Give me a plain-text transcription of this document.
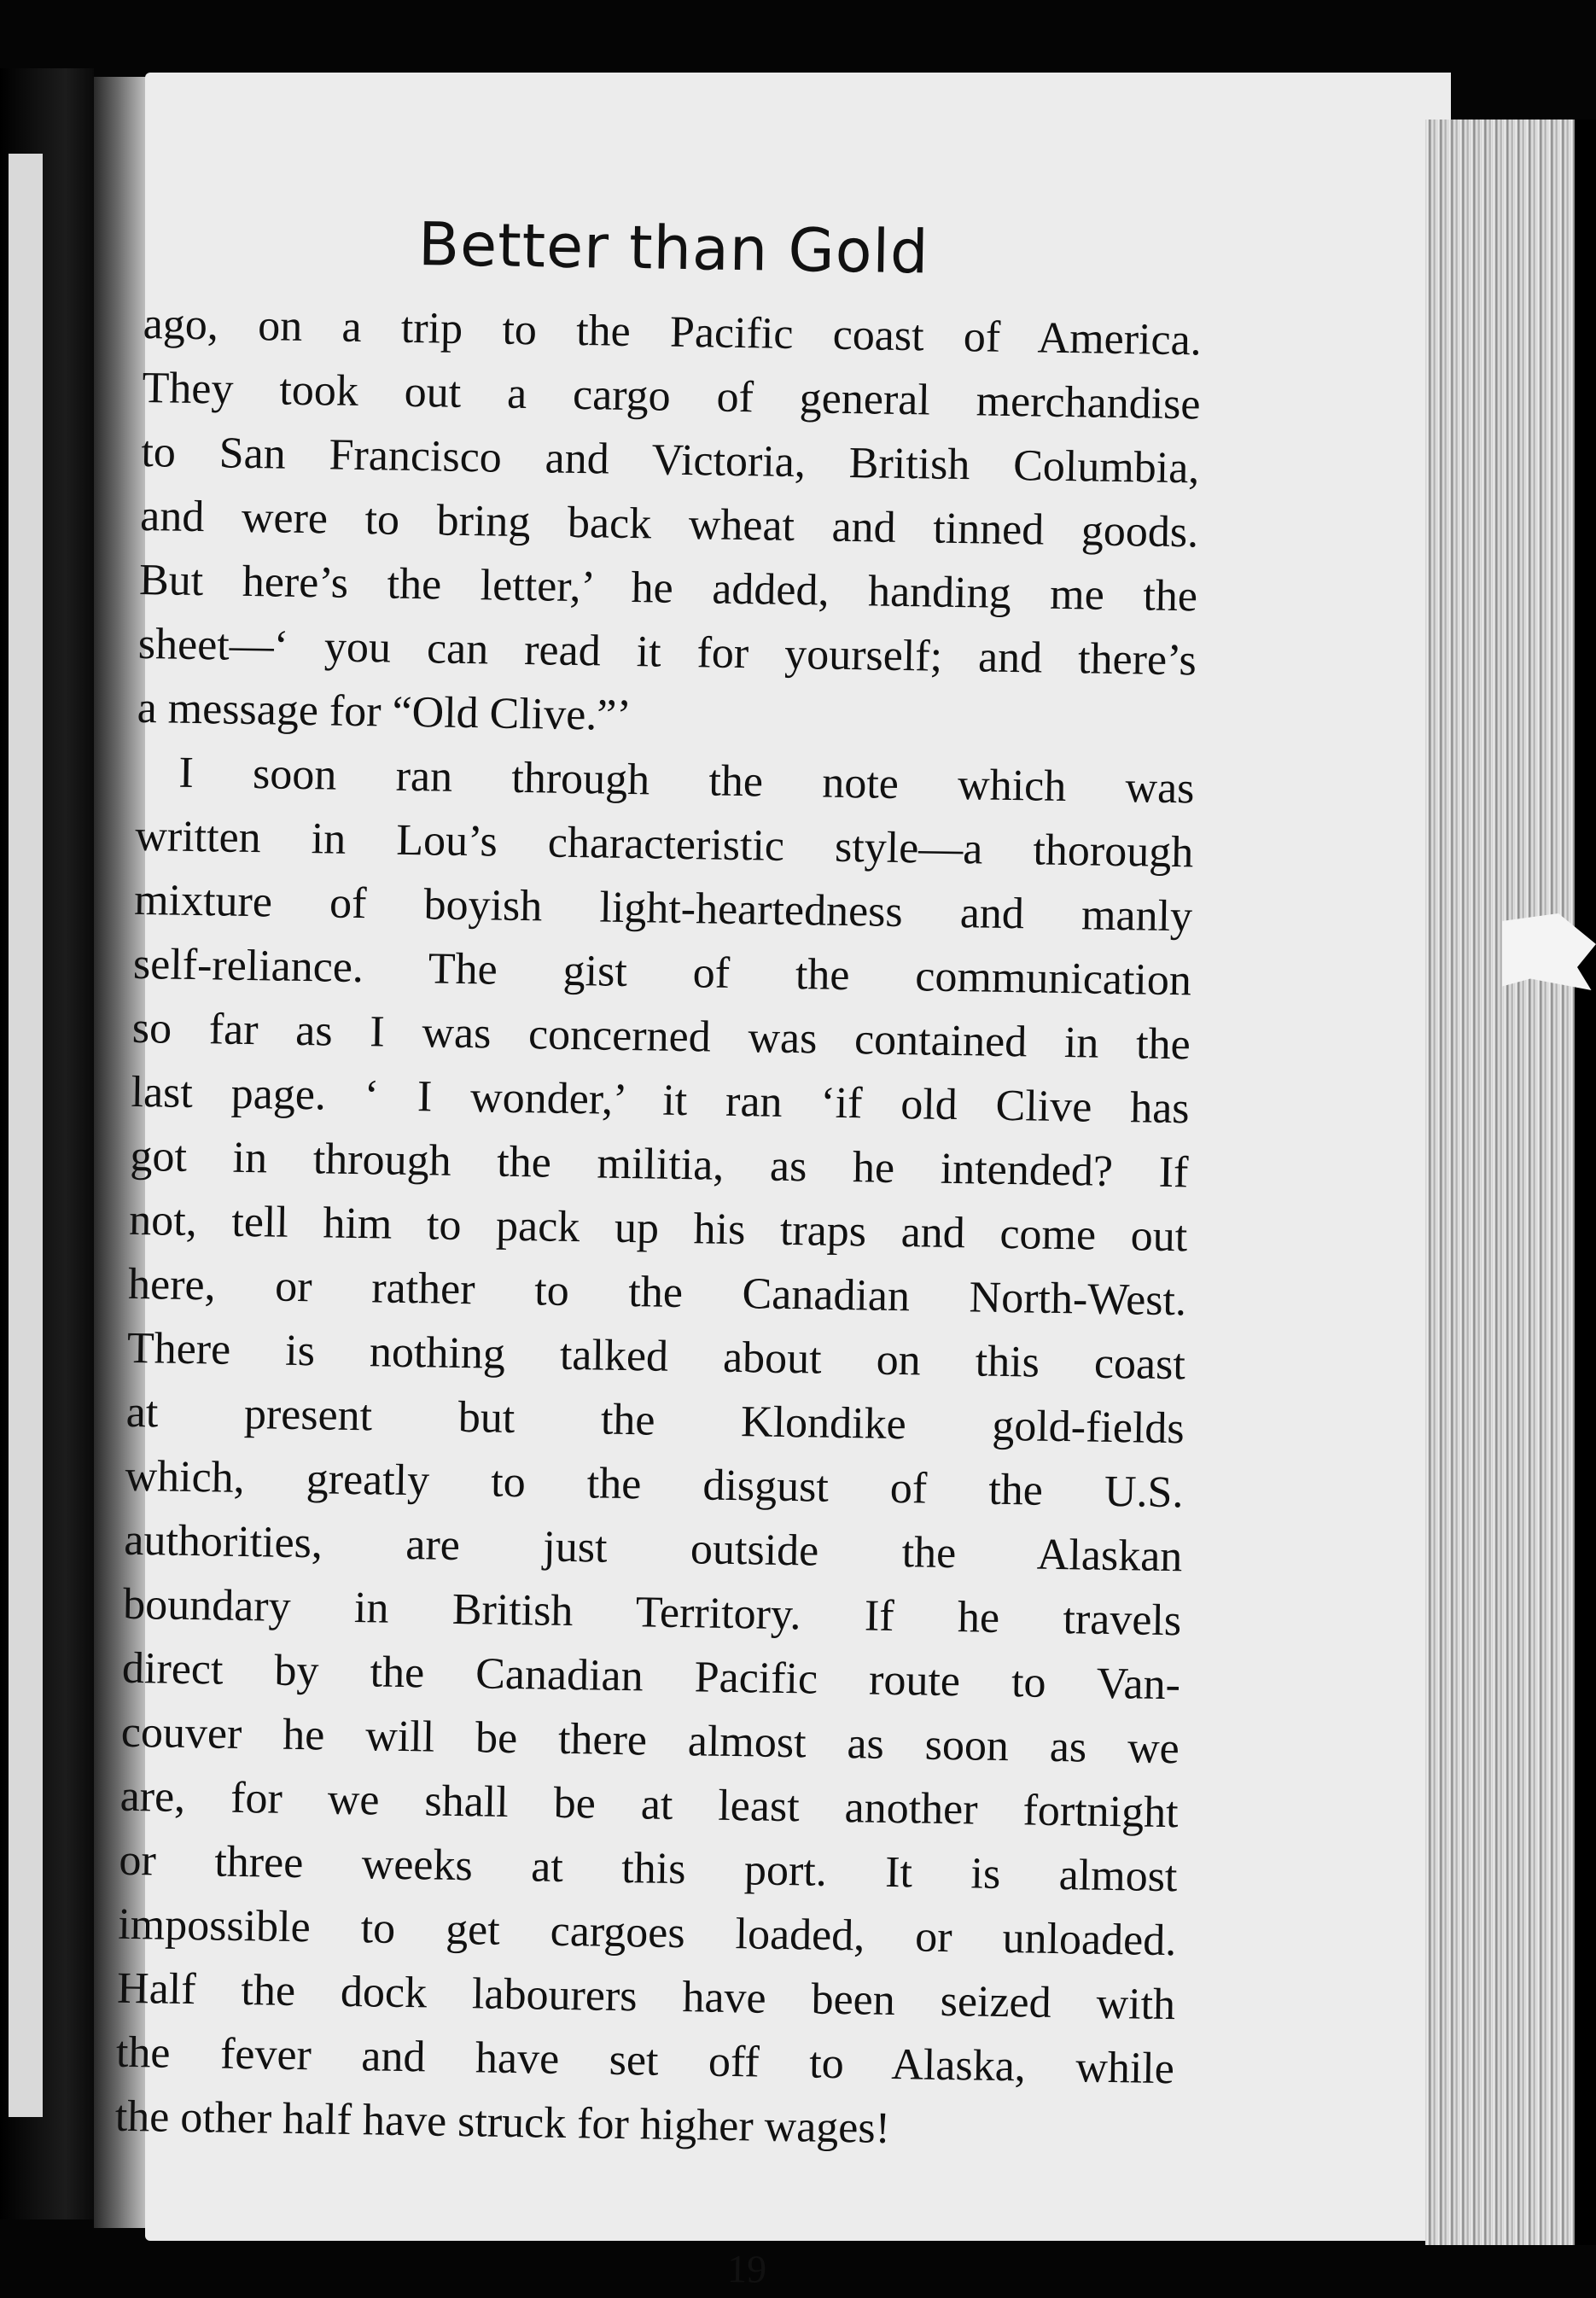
Better than Gold
ago, on a trip to the Pacific coast of America.
They took out a cargo of general merchandise
to San Francisco and Victoria, British Columbia,
and were to bring back wheat and tinned goods.
But here’s the letter,’ he added, handing me the
sheet—‘ you can read it for yourself; and there’s
a message for “Old Clive.”’
I soon ran through the note which was
written in Lou’s characteristic style—a thorough
mixture of boyish light-heartedness and manly
self-reliance. The gist of the communication
so far as I was concerned was contained in the
last page. ‘ I wonder,’ it ran ‘if old Clive has
got in through the militia, as he intended? If
not, tell him to pack up his traps and come out
here, or rather to the Canadian North-West.
There is nothing talked about on this coast
at present but the Klondike gold-fields
which, greatly to the disgust of the U.S.
authorities, are just outside the Alaskan
boundary in British Territory. If he travels
direct by the Canadian Pacific route to Van-
couver he will be there almost as soon as we
are, for we shall be at least another fortnight
or three weeks at this port. It is almost
impossible to get cargoes loaded, or unloaded.
Half the dock labourers have been seized with
the fever and have set off to Alaska, while
the other half have struck for higher wages!
19
